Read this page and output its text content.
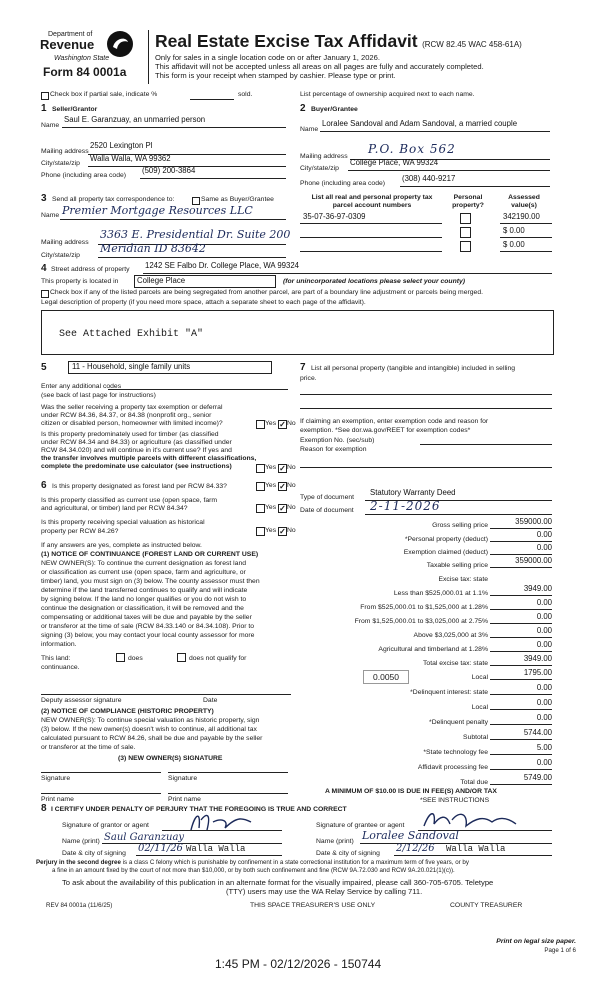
Department of
Revenue
Washington State
Form 84 0001a
Real Estate Excise Tax Affidavit (RCW 82.45 WAC 458-61A)
Only for sales in a single location code on or after January 1, 2026.
This affidavit will not be accepted unless all areas on all pages are fully and accurately completed.
This form is your receipt when stamped by cashier. Please type or print.
Check box if partial sale, indicate %	sold.	List percentage of ownership acquired next to each name.
1 Seller/Grantor
Name
Saul E. Garanzuay, an unmarried person
Mailing address
2520 Lexington Pl
City/state/zip
Walla Walla, WA 99362
Phone (including area code)
(509) 200-3864
2 Buyer/Grantee
Name
Loralee Sandoval and Adam Sandoval, a married couple
Mailing address
P.O. Box 562
City/state/zip
College Place, WA 99324
Phone (including area code)
(308) 440-9217
3 Send all property tax correspondence to:	Same as Buyer/Grantee
Name Premier Mortgage Resources LLC
Mailing address
3363 E. Presidential Dr. Suite 200
City/state/zip
Meridian ID 83642
List all real and personal property tax parcel account numbers
Personal property?
Assessed value(s)
35-07-36-97-0309	342190.00
$ 0.00
$ 0.00
4 Street address of property 1242 SE Falbo Dr. College Place, WA 99324
This property is located in	College Place	(for unincorporated locations please select your county)
Check box if any of the listed parcels are being segregated from another parcel, are part of a boundary line adjustment or parcels being merged.
Legal description of property (if you need more space, attach a separate sheet to each page of the affidavit).
See Attached Exhibit "A"
5	11 - Household, single family units
Enter any additional codes
(see back of last page for instructions)
Was the seller receiving a property tax exemption or deferral
under RCW 84.36, 84.37, or 84.38 (nonprofit org., senior
citizen or disabled person, homeowner with limited income)?	Yes ✓ No
Is this property predominately used for timber (as classified
under RCW 84.34 and 84.33) or agriculture (as classified under
RCW 84.34.020) and will continue in it's current use? If yes and
the transfer involves multiple parcels with different classifications,
complete the predominate use calculator (see instructions)	Yes ✓ No
6 Is this property designated as forest land per RCW 84.33?	Yes ✓ No
Is this property classified as current use (open space, farm
and agricultural, or timber) land per RCW 84.34?	Yes ✓ No
Is this property receiving special valuation as historical
property per RCW 84.26?	Yes ✓ No
If any answers are yes, complete as instructed below.
(1) NOTICE OF CONTINUANCE (FOREST LAND OR CURRENT USE)
NEW OWNER(S): To continue the current designation as forest land
or classification as current use (open space, farm and agriculture, or
timber) land, you must sign on (3) below. The county assessor must then
determine if the land transferred continues to qualify and will indicate
by signing below. If the land no longer qualifies or you do not wish to
continue the designation or classification, it will be removed and the
compensating or additional taxes will be due and payable by the seller
or transferor at the time of sale (RCW 84.33.140 or 84.34.108). Prior to
signing (3) below, you may contact your local county assessor for more
information.
This land:	does	does not qualify for
continuance.
Deputy assessor signature	Date
(2) NOTICE OF COMPLIANCE (HISTORIC PROPERTY)
NEW OWNER(S): To continue special valuation as historic property, sign
(3) below. If the new owner(s) doesn't wish to continue, all additional tax
calculated pursuant to RCW 84.26, shall be due and payable by the seller
or transferor at the time of sale.
(3) NEW OWNER(S) SIGNATURE
Signature	Signature
Print name	Print name
7 List all personal property (tangible and intangible) included in selling
price.
If claiming an exemption, enter exemption code and reason for
exemption. *See dor.wa.gov/REET for exemption codes*
Exemption No. (sec/sub)
Reason for exemption
Type of document
Statutory Warranty Deed
Date of document 2-11-2026
Gross selling price	359000.00
*Personal property (deduct)
0.00
Exemption claimed (deduct)
0.00
Taxable selling price
359000.00
Excise tax: state
Less than $525,000.01 at 1.1%
3949.00
From $525,000.01 to $1,525,000 at 1.28%
0.00
From $1,525,000.01 to $3,025,000 at 2.75%
0.00
Above $3,025,000 at 3%
0.00
Agricultural and timberland at 1.28%
0.00
Total excise tax: state
3949.00
0.0050	Local
1795.00
*Delinquent interest: state
0.00
Local
0.00
*Delinquent penalty
0.00
Subtotal
5744.00
*State technology fee
5.00
Affidavit processing fee
0.00
Total due
5749.00
A MINIMUM OF $10.00 IS DUE IN FEE(S) AND/OR TAX
*SEE INSTRUCTIONS
8 I CERTIFY UNDER PENALTY OF PERJURY THAT THE FOREGOING IS TRUE AND CORRECT
Signature of grantor or agent
Name (print) Saul Garanzuay
Date & city of signing 02/11/26 Walla Walla
Signature of grantee or agent
Name (print) Loralee Sandoval
Date & city of signing 2/12/26 Walla Walla
Perjury in the second degree is a class C felony which is punishable by confinement in a state correctional institution for a maximum term of five years, or by
a fine in an amount fixed by the court of not more than $10,000, or by both such confinement and fine (RCW 9A.72.030 and RCW 9A.20.021(1)(c)).
To ask about the availability of this publication in an alternate format for the visually impaired, please call 360-705-6705. Teletype
(TTY) users may use the WA Relay Service by calling 711.
REV 84 0001a (11/6/25)	THIS SPACE TREASURER'S USE ONLY	COUNTY TREASURER
Print on legal size paper.
Page 1 of 6
1:45 PM - 02/12/2026 - 150744
